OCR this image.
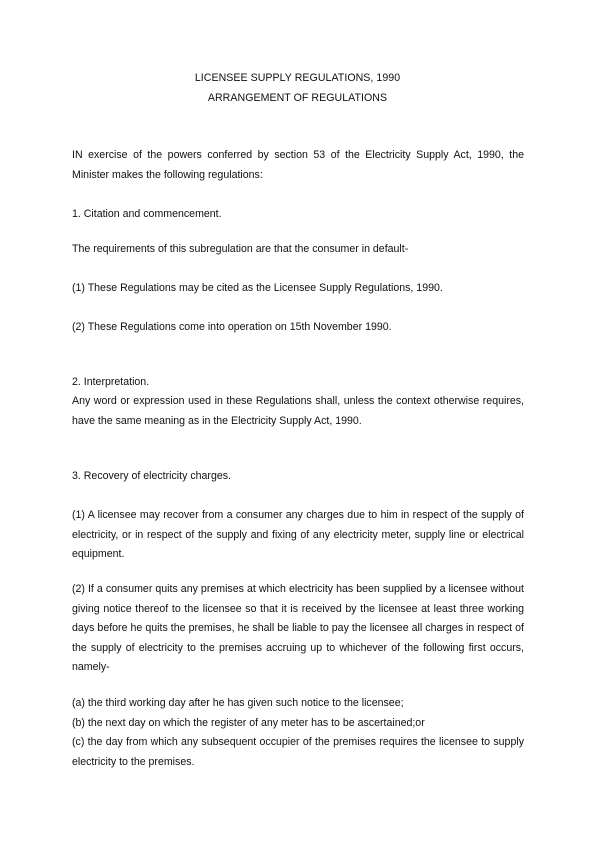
LICENSEE SUPPLY REGULATIONS, 1990
ARRANGEMENT OF REGULATIONS

IN exercise of the powers conferred by section 53 of the Electricity Supply Act, 1990, the Minister makes the following regulations:

1. Citation and commencement.

The requirements of this subregulation are that the consumer in default-

(1) These Regulations may be cited as the Licensee Supply Regulations, 1990.

(2) These Regulations come into operation on 15th November 1990.

2. Interpretation.

Any word or expression used in these Regulations shall, unless the context otherwise requires, have the same meaning as in the Electricity Supply Act, 1990.

3. Recovery of electricity charges.

(1) A licensee may recover from a consumer any charges due to him in respect of the supply of electricity, or in respect of the supply and fixing of any electricity meter, supply line or electrical equipment.

(2) If a consumer quits any premises at which electricity has been supplied by a licensee without giving notice thereof to the licensee so that it is received by the licensee at least three working days before he quits the premises, he shall be liable to pay the licensee all charges in respect of the supply of electricity to the premises accruing up to whichever of the following first occurs, namely-

(a) the third working day after he has given such notice to the licensee;
(b) the next day on which the register of any meter has to be ascertained;or
(c) the day from which any subsequent occupier of the premises requires the licensee to supply electricity to the premises.
